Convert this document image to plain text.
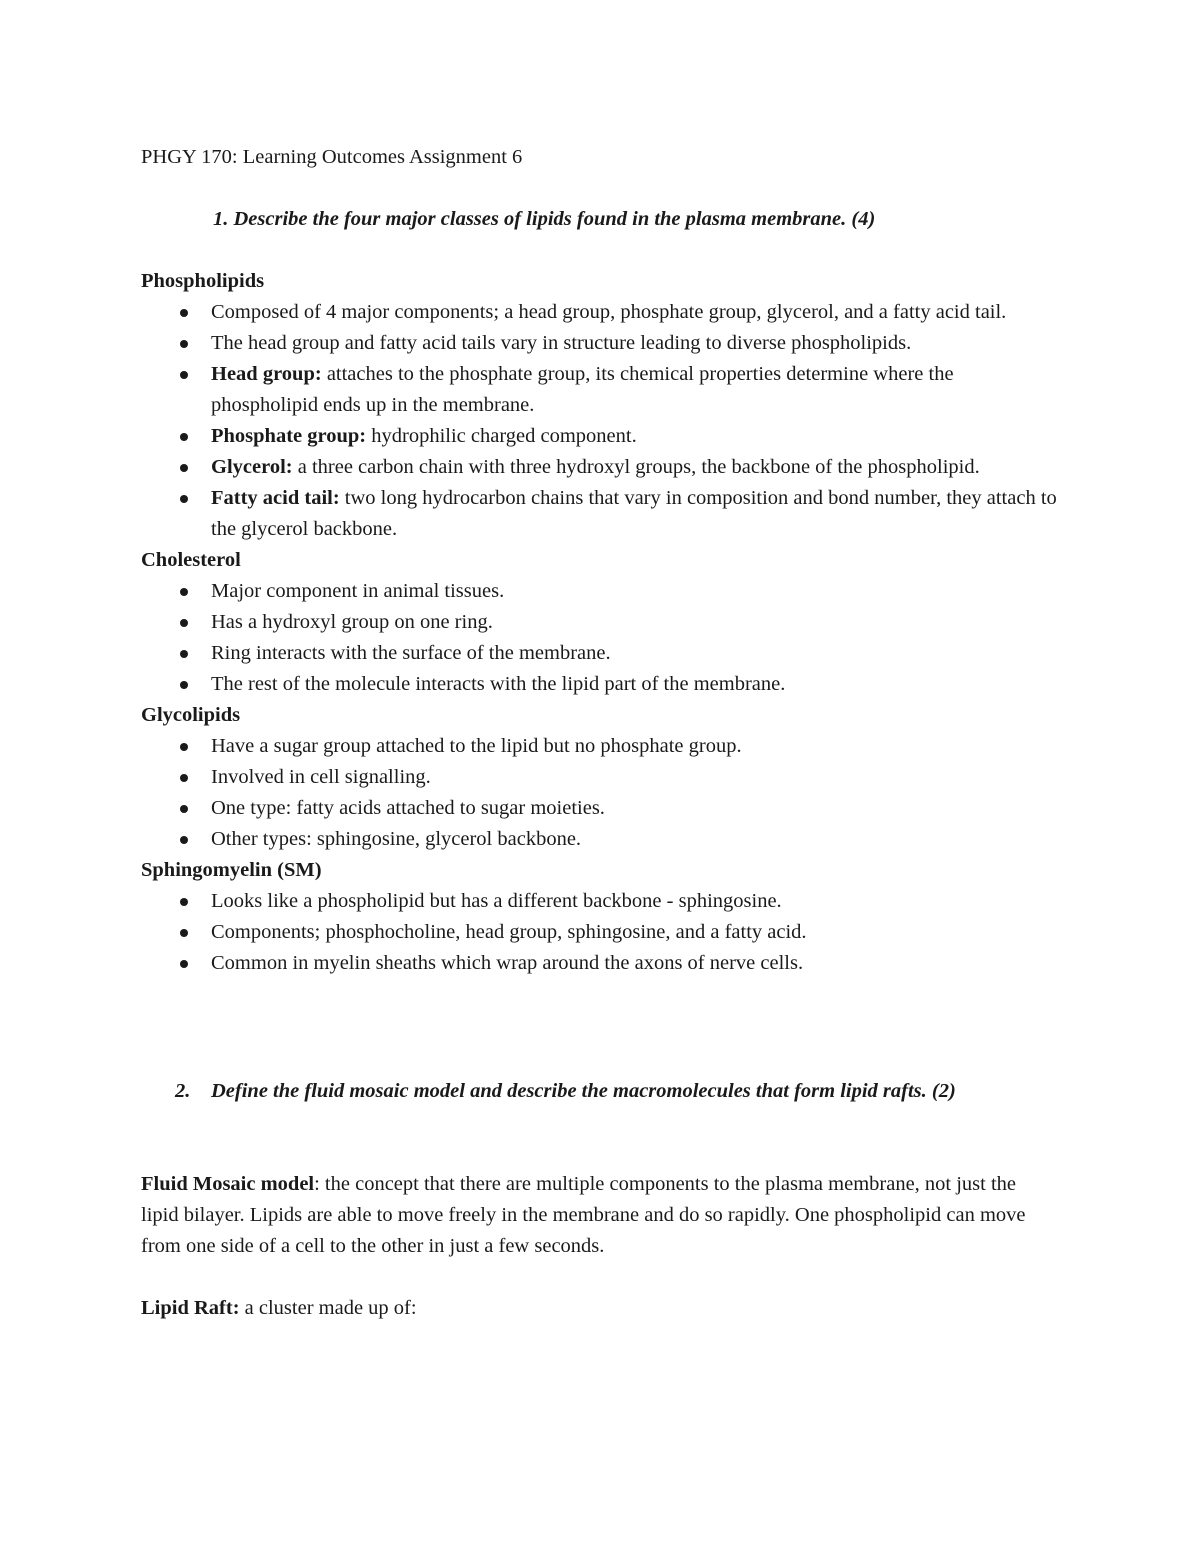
PHGY 170: Learning Outcomes Assignment 6
1. Describe the four major classes of lipids found in the plasma membrane. (4)
Phospholipids
Composed of 4 major components; a head group, phosphate group, glycerol, and a fatty acid tail.
The head group and fatty acid tails vary in structure leading to diverse phospholipids.
Head group: attaches to the phosphate group, its chemical properties determine where the phospholipid ends up in the membrane.
Phosphate group: hydrophilic charged component.
Glycerol: a three carbon chain with three hydroxyl groups, the backbone of the phospholipid.
Fatty acid tail: two long hydrocarbon chains that vary in composition and bond number, they attach to the glycerol backbone.
Cholesterol
Major component in animal tissues.
Has a hydroxyl group on one ring.
Ring interacts with the surface of the membrane.
The rest of the molecule interacts with the lipid part of the membrane.
Glycolipids
Have a sugar group attached to the lipid but no phosphate group.
Involved in cell signalling.
One type: fatty acids attached to sugar moieties.
Other types: sphingosine, glycerol backbone.
Sphingomyelin (SM)
Looks like a phospholipid but has a different backbone - sphingosine.
Components; phosphocholine, head group, sphingosine, and a fatty acid.
Common in myelin sheaths which wrap around the axons of nerve cells.
2.	Define the fluid mosaic model and describe the macromolecules that form lipid rafts. (2)
Fluid Mosaic model: the concept that there are multiple components to the plasma membrane, not just the lipid bilayer. Lipids are able to move freely in the membrane and do so rapidly. One phospholipid can move from one side of a cell to the other in just a few seconds.
Lipid Raft: a cluster made up of:
